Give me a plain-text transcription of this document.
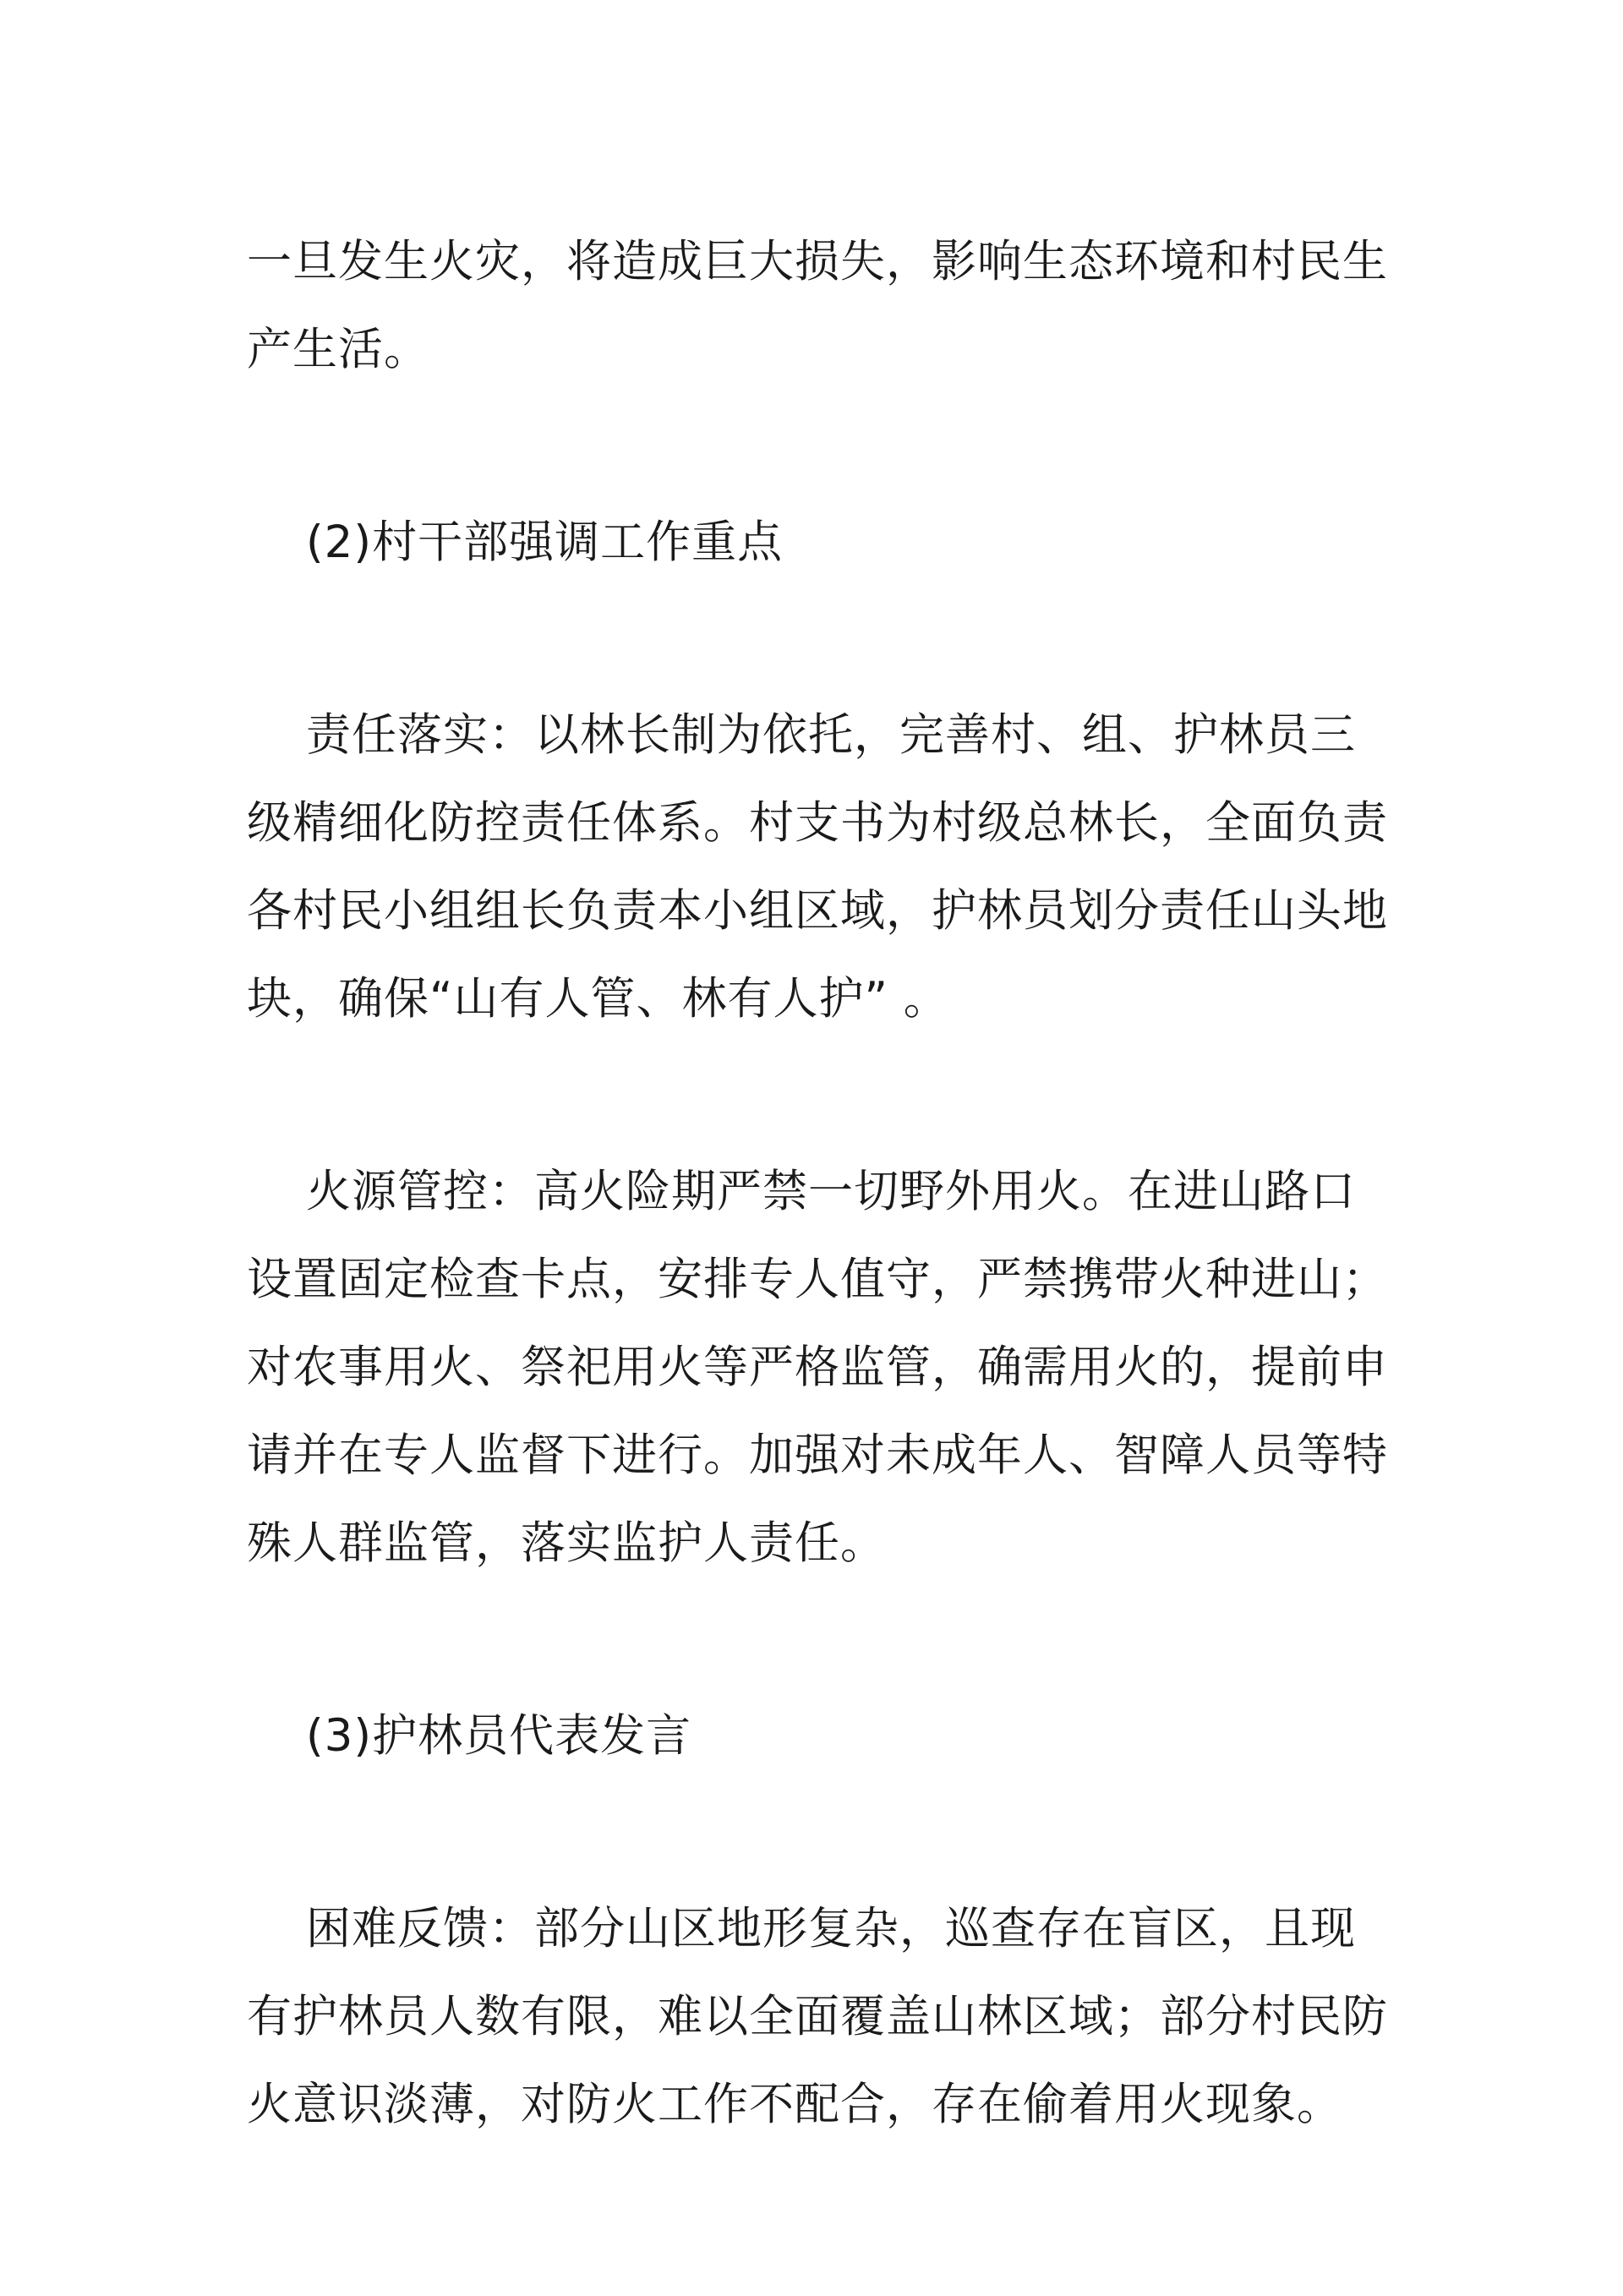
一旦发生火灾，将造成巨大损失，影响生态环境和村民生
产生活。
(2)村干部强调工作重点
责任落实：以林长制为依托，完善村、组、护林员三
级精细化防控责任体系。村支书为村级总林长，全面负责
各村民小组组长负责本小组区域，护林员划分责任山头地
块，确保“山有人管、林有人护” 。
火源管控：高火险期严禁一切野外用火。在进山路口
设置固定检查卡点，安排专人值守，严禁携带火种进山；
对农事用火、祭祀用火等严格监管，确需用火的，提前申
请并在专人监督下进行。加强对未成年人、智障人员等特
殊人群监管，落实监护人责任。
(3)护林员代表发言
困难反馈：部分山区地形复杂，巡查存在盲区，且现
有护林员人数有限，难以全面覆盖山林区域；部分村民防
火意识淡薄，对防火工作不配合，存在偷着用火现象。
